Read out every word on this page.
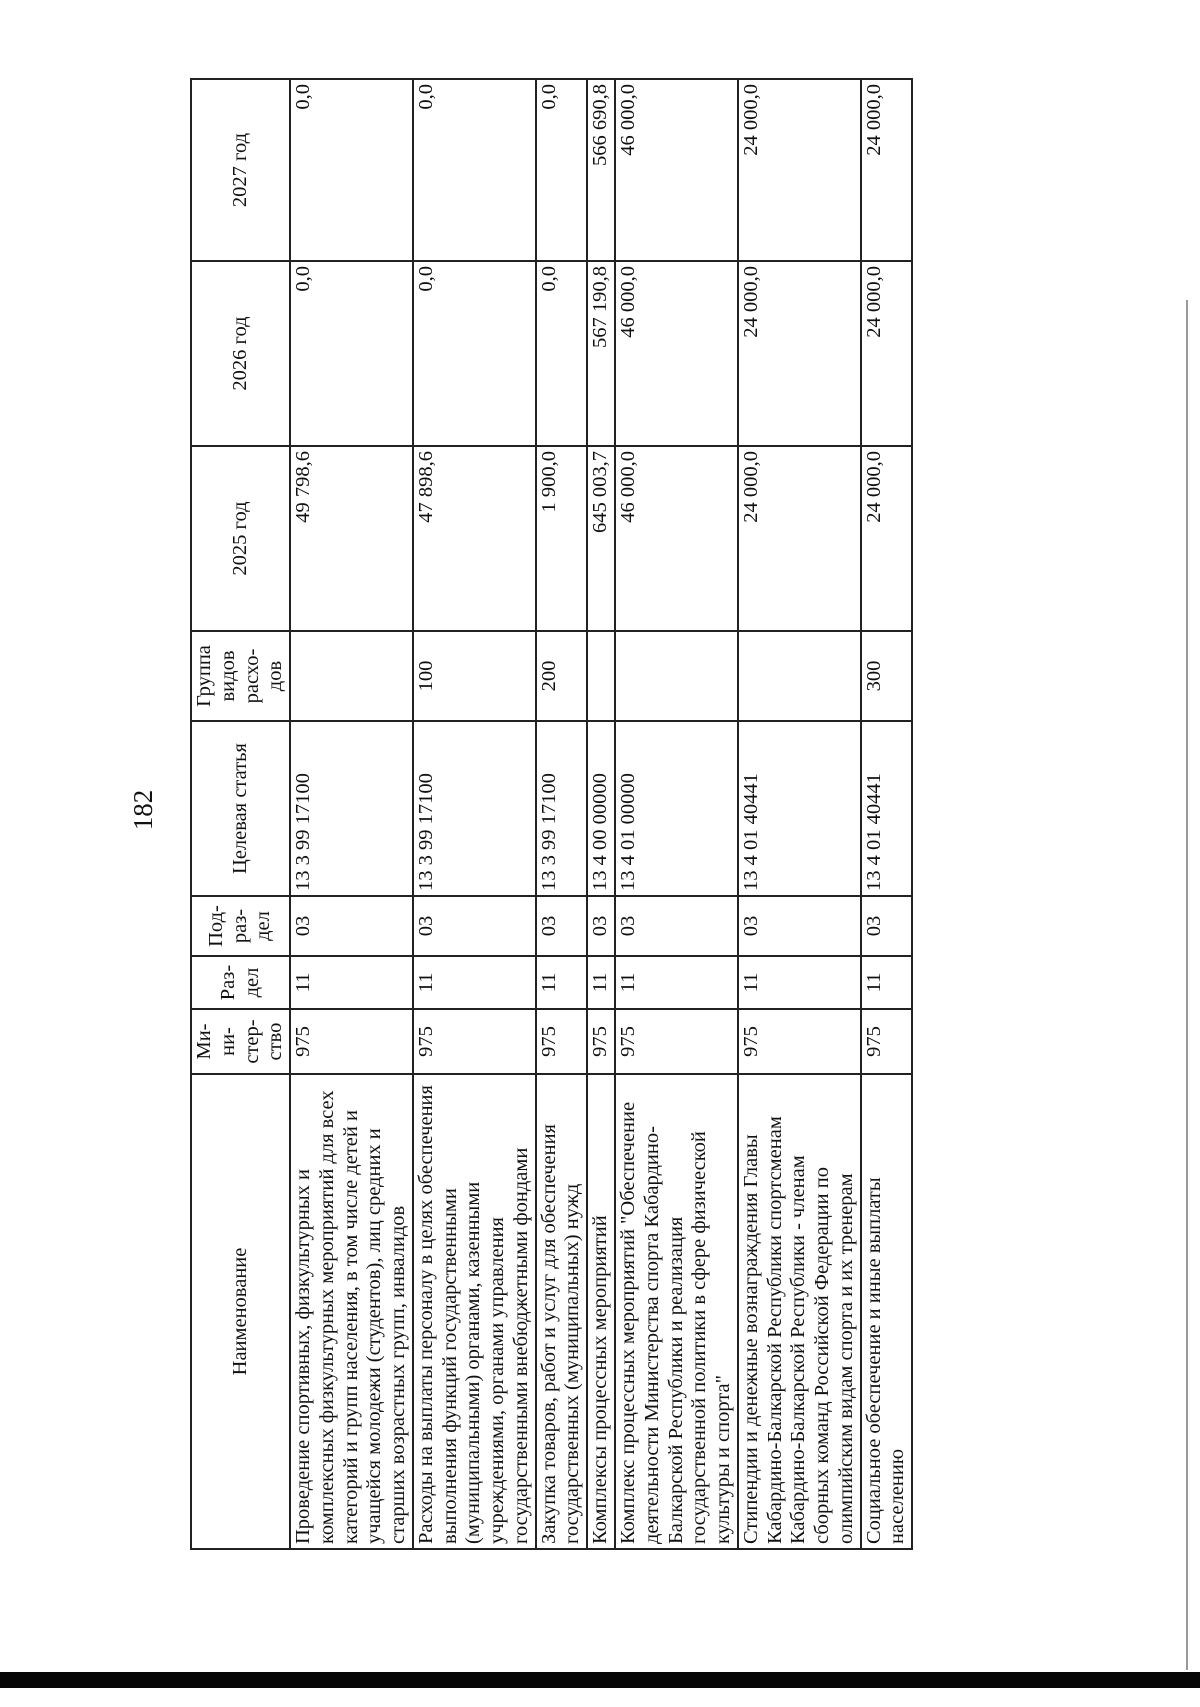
182
Наименование	Ми-ни-стер-ство	Раз-дел	Под-раз-дел	Целевая статья	Группа видов расхо-дов	2025 год	2026 год	2027 год
Проведение спортивных, физкультурных и комплексных физкультурных мероприятий для всех категорий и групп населения, в том числе детей и учащейся молодежи (студентов), лиц средних и старших возрастных групп, инвалидов	975	11	03	13 3 99 17100		49 798,6	0,0	0,0
Расходы на выплаты персоналу в целях обеспечения выполнения функций государственными (муниципальными) органами, казенными учреждениями, органами управления государственными внебюджетными фондами	975	11	03	13 3 99 17100	100	47 898,6	0,0	0,0
Закупка товаров, работ и услуг для обеспечения государственных (муниципальных) нужд	975	11	03	13 3 99 17100	200	1 900,0	0,0	0,0
Комплексы процессных мероприятий	975	11	03	13 4 00 00000		645 003,7	567 190,8	566 690,8
Комплекс процессных мероприятий "Обеспечение деятельности Министерства спорта Кабардино-Балкарской Республики и реализация государственной политики в сфере физической культуры и спорта"	975	11	03	13 4 01 00000		46 000,0	46 000,0	46 000,0
Стипендии и денежные вознаграждения Главы Кабардино-Балкарской Республики спортсменам Кабардино-Балкарской Республики - членам сборных команд Российской Федерации по олимпийским видам спорта и их тренерам	975	11	03	13 4 01 40441		24 000,0	24 000,0	24 000,0
Социальное обеспечение и иные выплаты населению	975	11	03	13 4 01 40441	300	24 000,0	24 000,0	24 000,0
